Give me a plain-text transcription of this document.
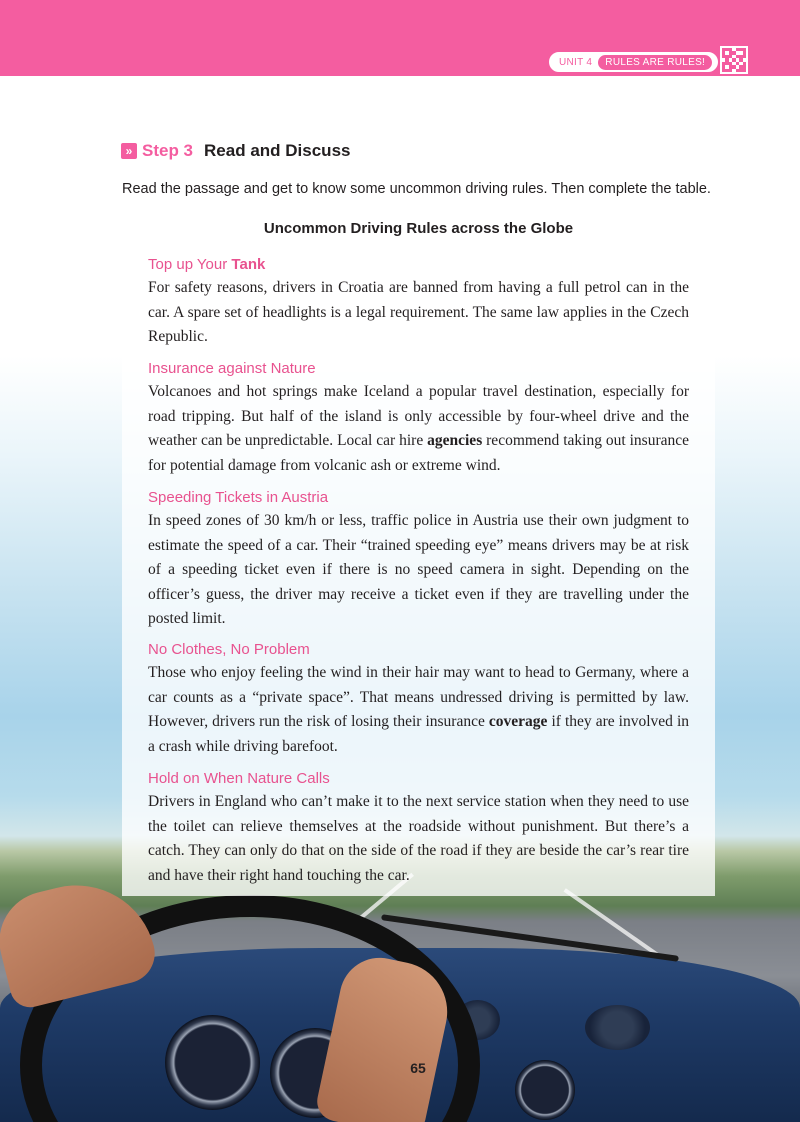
UNIT 4	RULES ARE RULES!
» Step 3 Read and Discuss
Read the passage and get to know some uncommon driving rules. Then complete the table.
Uncommon Driving Rules across the Globe
Top up Your Tank
For safety reasons, drivers in Croatia are banned from having a full petrol can in the car. A spare set of headlights is a legal requirement. The same law applies in the Czech Republic.
Insurance against Nature
Volcanoes and hot springs make Iceland a popular travel destination, especially for road tripping. But half of the island is only accessible by four-wheel drive and the weather can be unpredictable. Local car hire agencies recommend taking out insurance for potential damage from volcanic ash or extreme wind.
Speeding Tickets in Austria
In speed zones of 30 km/h or less, traffic police in Austria use their own judgment to estimate the speed of a car. Their “trained speeding eye” means drivers may be at risk of a speeding ticket even if there is no speed camera in sight. Depending on the officer’s guess, the driver may receive a ticket even if they are travelling under the posted limit.
No Clothes, No Problem
Those who enjoy feeling the wind in their hair may want to head to Germany, where a car counts as a “private space”. That means undressed driving is permitted by law. However, drivers run the risk of losing their insurance coverage if they are involved in a crash while driving barefoot.
Hold on When Nature Calls
Drivers in England who can’t make it to the next service station when they need to use the toilet can relieve themselves at the roadside without punishment. But there’s a catch. They can only do that on the side of the road if they are beside the car’s rear tire and have their right hand touching the car.
65
